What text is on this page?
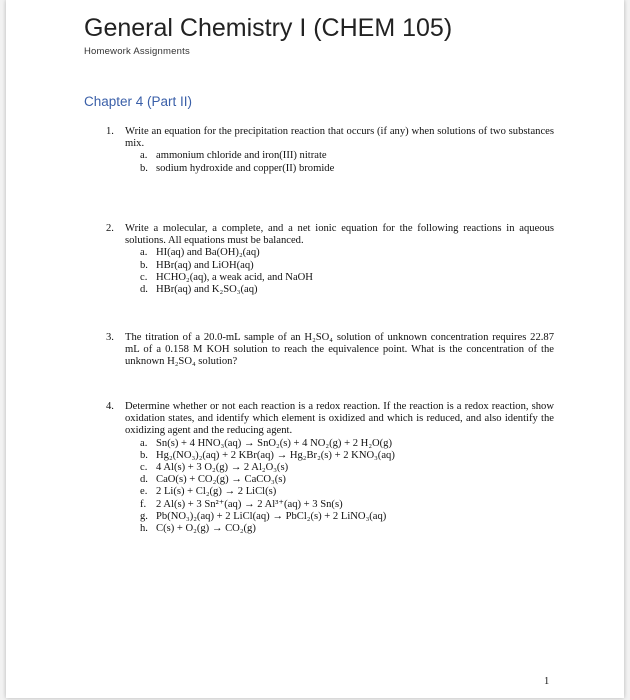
General Chemistry I (CHEM 105)
Homework Assignments
Chapter 4 (Part II)
1. Write an equation for the precipitation reaction that occurs (if any) when solutions of two substances mix.
a. ammonium chloride and iron(III) nitrate
b. sodium hydroxide and copper(II) bromide
2. Write a molecular, a complete, and a net ionic equation for the following reactions in aqueous solutions. All equations must be balanced.
a. HI(aq) and Ba(OH)₂(aq)
b. HBr(aq) and LiOH(aq)
c. HCHO₂(aq), a weak acid, and NaOH
d. HBr(aq) and K₂SO₃(aq)
3. The titration of a 20.0-mL sample of an H₂SO₄ solution of unknown concentration requires 22.87 mL of a 0.158 M KOH solution to reach the equivalence point. What is the concentration of the unknown H₂SO₄ solution?
4. Determine whether or not each reaction is a redox reaction. If the reaction is a redox reaction, show oxidation states, and identify which element is oxidized and which is reduced, and also identify the oxidizing agent and the reducing agent.
a. Sn(s) + 4 HNO₃(aq) → SnO₂(s) + 4 NO₂(g) + 2 H₂O(g)
b. Hg₂(NO₃)₂(aq) + 2 KBr(aq) → Hg₂Br₂(s) + 2 KNO₃(aq)
c. 4 Al(s) + 3 O₂(g) → 2 Al₂O₃(s)
d. CaO(s) + CO₂(g) → CaCO₃(s)
e. 2 Li(s) + Cl₂(g) → 2 LiCl(s)
f. 2 Al(s) + 3 Sn²⁺(aq) → 2 Al³⁺(aq) + 3 Sn(s)
g. Pb(NO₃)₂(aq) + 2 LiCl(aq) → PbCl₂(s) + 2 LiNO₃(aq)
h. C(s) + O₂(g) → CO₂(g)
1
